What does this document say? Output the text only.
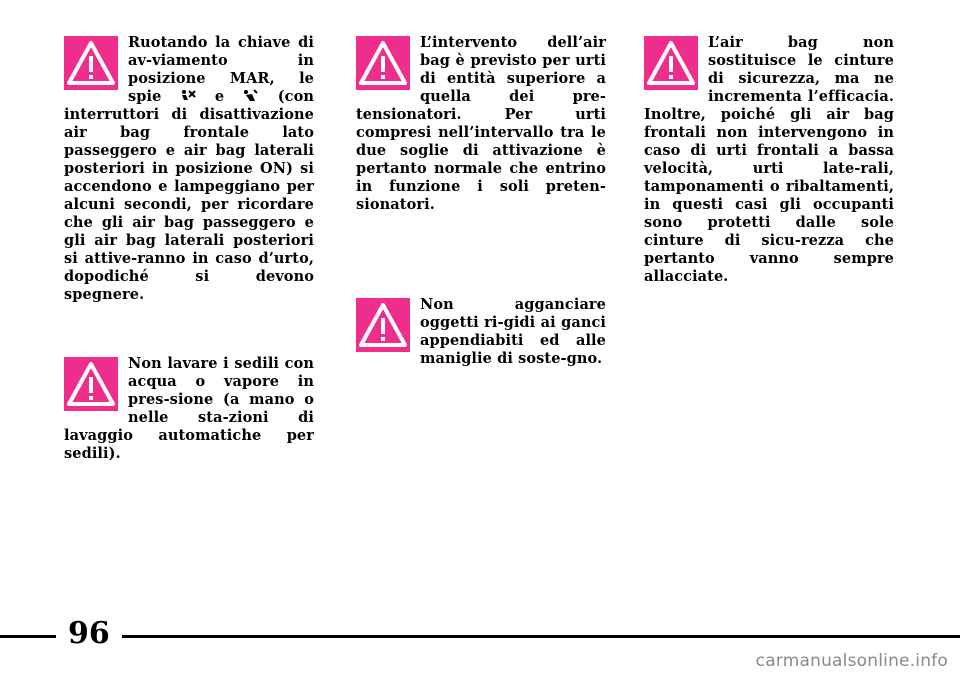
Ruotando la chiave di av-viamento in posizione MAR, le spie  e  (con interruttori di disattivazione air bag frontale lato passeggero e air bag laterali posteriori in posizione ON) si accendono e lampeggiano per alcuni secondi, per ricordare che gli air bag passeggero e gli air bag laterali posteriori si attive-ranno in caso d’urto, dopodiché si devono spegnere.
Non lavare i sedili con acqua o vapore in pres-sione (a mano o nelle sta-zioni di lavaggio automatiche per sedili).
L’intervento dell’air bag è previsto per urti di entità superiore a quella dei pre-tensionatori. Per urti compresi nell’intervallo tra le due soglie di attivazione è pertanto normale che entrino in funzione i soli preten-sionatori.
Non agganciare oggetti ri-gidi ai ganci appendiabiti ed alle maniglie di soste-gno.
L’air bag non sostituisce le cinture di sicurezza, ma ne incrementa l’efficacia. Inoltre, poiché gli air bag frontali non intervengono in caso di urti frontali a bassa velocità, urti late-rali, tamponamenti o ribaltamenti, in questi casi gli occupanti sono protetti dalle sole cinture di sicu-rezza che pertanto vanno sempre allacciate.
96
carmanualsonline.info
